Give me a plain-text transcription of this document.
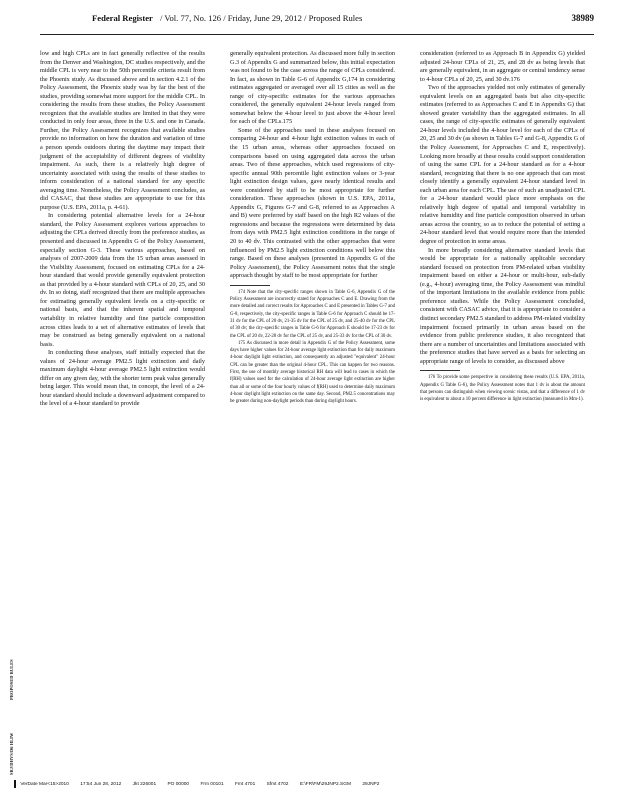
Federal Register / Vol. 77, No. 126 / Friday, June 29, 2012 / Proposed Rules	38989

low and high CPLs are in fact generally reflective of the results from the Denver and Washington, DC studies respectively, and the middle CPL is very near to the 50th percentile criteria result from the Phoenix study. As discussed above and in section 4.2.1 of the Policy Assessment, the Phoenix study was by far the best of the studies, providing somewhat more support for the middle CPL. In considering the results from these studies, the Policy Assessment recognizes that the available studies are limited in that they were conducted in only four areas, three in the U.S. and one in Canada. Further, the Policy Assessment recognizes that available studies provide no information on how the duration and variation of time a person spends outdoors during the daytime may impact their judgment of the acceptability of different degrees of visibility impairment. As such, there is a relatively high degree of uncertainty associated with using the results of these studies to inform consideration of a national standard for any specific averaging time. Nonetheless, the Policy Assessment concludes, as did CASAC, that these studies are appropriate to use for this purpose (U.S. EPA, 2011a, p. 4-61).

In considering potential alternative levels for a 24-hour standard, the Policy Assessment explores various approaches to adjusting the CPLs derived directly from the preference studies, as presented and discussed in Appendix G of the Policy Assessment, especially section G-3. These various approaches, based on analyses of 2007-2009 data from the 15 urban areas assessed in the Visibility Assessment, focused on estimating CPLs for a 24-hour standard that would provide generally equivalent protection as that provided by a 4-hour standard with CPLs of 20, 25, and 30 dv. In so doing, staff recognized that there are multiple approaches for estimating generally equivalent levels on a city-specific or national basis, and that the inherent spatial and temporal variability in relative humidity and fine particle composition across cities leads to a set of alternative estimates of levels that may be construed as being generally equivalent on a national basis.

In conducting these analyses, staff initially expected that the values of 24-hour average PM2.5 light extinction and daily maximum daylight 4-hour average PM2.5 light extinction would differ on any given day, with the shorter term peak value generally being larger. This would mean that, in concept, the level of a 24-hour standard should include a downward adjustment compared to the level of a 4-hour standard to provide

generally equivalent protection. As discussed more fully in section G.3 of Appendix G and summarized below, this initial expectation was not found to be the case across the range of CPLs considered. In fact, as shown in Table G-6 of Appendix G,174 in considering estimates aggregated or averaged over all 15 cities as well as the range of city-specific estimates for the various approaches considered, the generally equivalent 24-hour levels ranged from somewhat below the 4-hour level to just above the 4-hour level for each of the CPLs.175

Some of the approaches used in these analyses focused on comparing 24-hour and 4-hour light extinction values in each of the 15 urban areas, whereas other approaches focused on comparisons based on using aggregated data across the urban areas. Two of these approaches, which used regressions of city-specific annual 90th percentile light extinction values or 3-year light extinction design values, gave nearly identical results and were considered by staff to be most appropriate for further consideration. These approaches (shown in U.S. EPA, 2011a, Appendix G, Figures G-7 and G-8, referred to as Approaches A and B) were preferred by staff based on the high R2 values of the regressions and because the regressions were determined by data from days with PM2.5 light extinction conditions in the range of 20 to 40 dv. This contrasted with the other approaches that were influenced by PM2.5 light extinction conditions well below this range. Based on these analyses (presented in Appendix G of the Policy Assessment), the Policy Assessment notes that the single approach thought by staff to be most appropriate for further

174 Note that the city-specific ranges shown in Table G-6, Appendix G of the Policy Assessment are incorrectly stated for Approaches C and E. Drawing from the more detailed and correct results for Approaches C and E presented in Tables G-7 and G-8, respectively, the city-specific ranges in Table G-6 for Approach C should be 17-31 dv for the CPL of 20 dv, 21-35 dv for the CPL of 25 dv, and 25-40 dv for the CPL of 30 dv; the city-specific ranges in Table G-6 for Approach E should be 17-23 dv for the CPL of 20 dv, 22-28 dv for the CPL of 25 dv, and 25-33 dv for the CPL of 30 dv.

175 As discussed in more detail in Appendix G of the Policy Assessment, some days have higher values for 24-hour average light extinction than for daily maximum 4-hour daylight light extinction, and consequently an adjusted "equivalent" 24-hour CPL can be greater than the original 4-hour CPL. This can happen for two reasons. First, the use of monthly average historical RH data will lead to cases in which the f(RH) values used for the calculation of 24-hour average light extinction are higher than all or some of the four hourly values of f(RH) used to determine daily maximum 4-hour daylight light extinction on the same day. Second, PM2.5 concentrations may be greater during non-daylight periods than during daylight hours.

consideration (referred to as Approach B in Appendix G) yielded adjusted 24-hour CPLs of 21, 25, and 28 dv as being levels that are generally equivalent, in an aggregate or central tendency sense to 4-hour CPLs of 20, 25, and 30 dv.176

Two of the approaches yielded not only estimates of generally equivalent levels on an aggregated basis but also city-specific estimates (referred to as Approaches C and E in Appendix G) that showed greater variability than the aggregated estimates. In all cases, the range of city-specific estimates of generally equivalent 24-hour levels included the 4-hour level for each of the CPLs of 20, 25 and 30 dv (as shown in Tables G-7 and G-8, Appendix G of the Policy Assessment, for Approaches C and E, respectively). Looking more broadly at these results could support consideration of using the same CPL for a 24-hour standard as for a 4-hour standard, recognizing that there is no one approach that can most closely identify a generally equivalent 24-hour standard level in each urban area for each CPL. The use of such an unadjusted CPL for a 24-hour standard would place more emphasis on the relatively high degree of spatial and temporal variability in relative humidity and fine particle composition observed in urban areas across the country, so as to reduce the potential of setting a 24-hour standard level that would require more than the intended degree of protection in some areas.

In more broadly considering alternative standard levels that would be appropriate for a nationally applicable secondary standard focused on protection from PM-related urban visibility impairment based on either a 24-hour or multi-hour, sub-daily (e.g., 4-hour) averaging time, the Policy Assessment was mindful of the important limitations in the available evidence from public preference studies. While the Policy Assessment concluded, consistent with CASAC advice, that it is appropriate to consider a distinct secondary PM2.5 standard to address PM-related visibility impairment focused primarily in urban areas based on the evidence from public preference studies, it also recognized that there are a number of uncertainties and limitations associated with the preference studies that have served as a basis for selecting an appropriate range of levels to consider, as discussed above

176 To provide some perspective in considering these results (U.S. EPA, 2011a, Appendix G Table G-6), the Policy Assessment notes that 1 dv is about the amount that persons can distinguish when viewing scenic vistas, and that a difference of 1 dv is equivalent to about a 10 percent difference in light extinction (measured in Mm-1).

PROPOSED RULES
SRJ/DHVS/D6 HLIW
VerDate Mar<15>2010 17:54 Jun 28, 2012 Jkt 226001 PO 00000 Frm 00101 Fmt 4701 Sfmt 4702 E:\FR\FM\29JNP2.SGM 29JNP2
